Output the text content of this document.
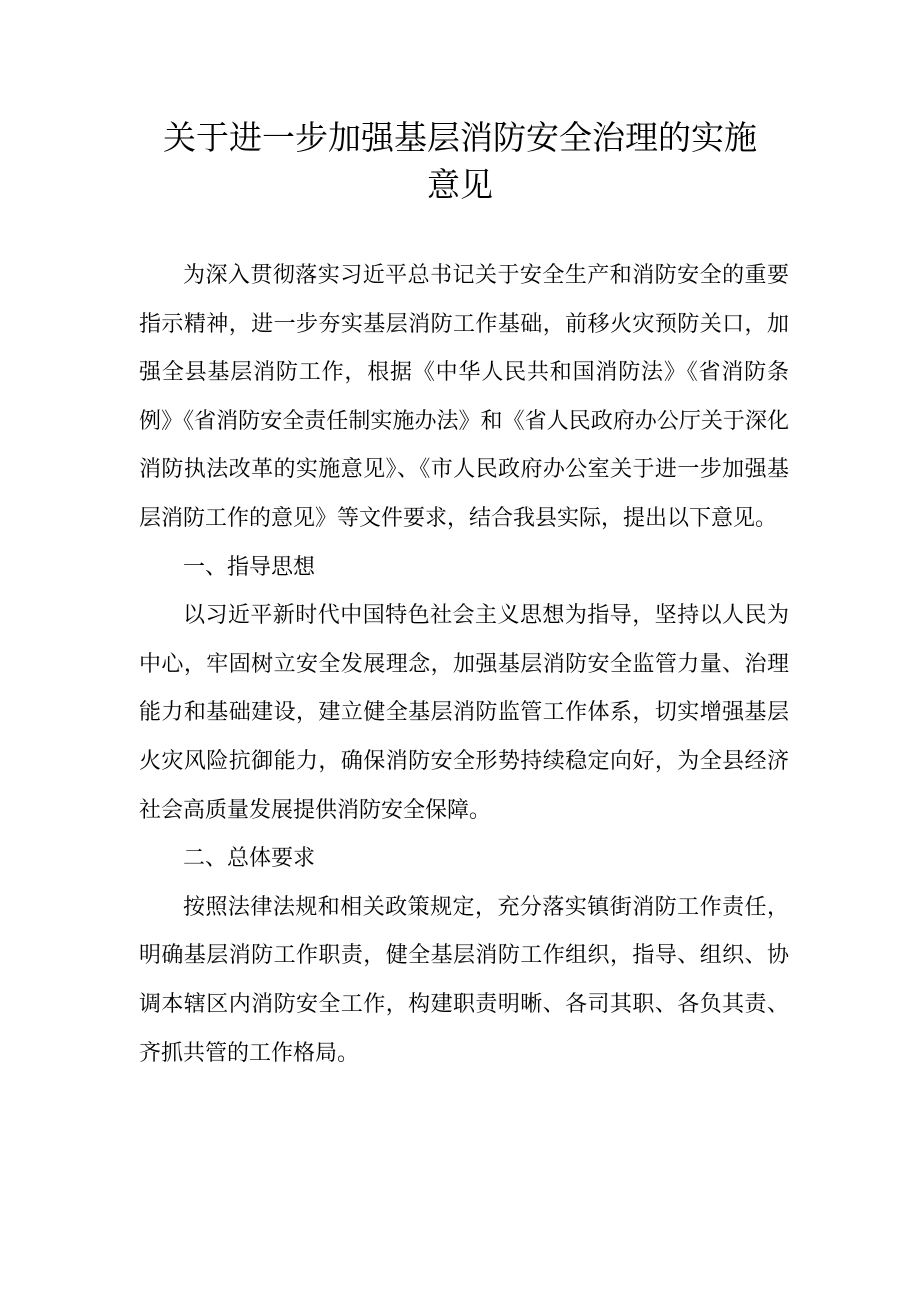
关于进一步加强基层消防安全治理的实施
意见

为深入贯彻落实习近平总书记关于安全生产和消防安全的重要指示精神，进一步夯实基层消防工作基础，前移火灾预防关口，加强全县基层消防工作，根据《中华人民共和国消防法》《省消防条例》《省消防安全责任制实施办法》和《省人民政府办公厅关于深化消防执法改革的实施意见》、《市人民政府办公室关于进一步加强基层消防工作的意见》等文件要求，结合我县实际，提出以下意见。

一、指导思想

以习近平新时代中国特色社会主义思想为指导，坚持以人民为中心，牢固树立安全发展理念，加强基层消防安全监管力量、治理能力和基础建设，建立健全基层消防监管工作体系，切实增强基层火灾风险抗御能力，确保消防安全形势持续稳定向好，为全县经济社会高质量发展提供消防安全保障。

二、总体要求

按照法律法规和相关政策规定，充分落实镇街消防工作责任，明确基层消防工作职责，健全基层消防工作组织，指导、组织、协调本辖区内消防安全工作，构建职责明晰、各司其职、各负其责、齐抓共管的工作格局。
